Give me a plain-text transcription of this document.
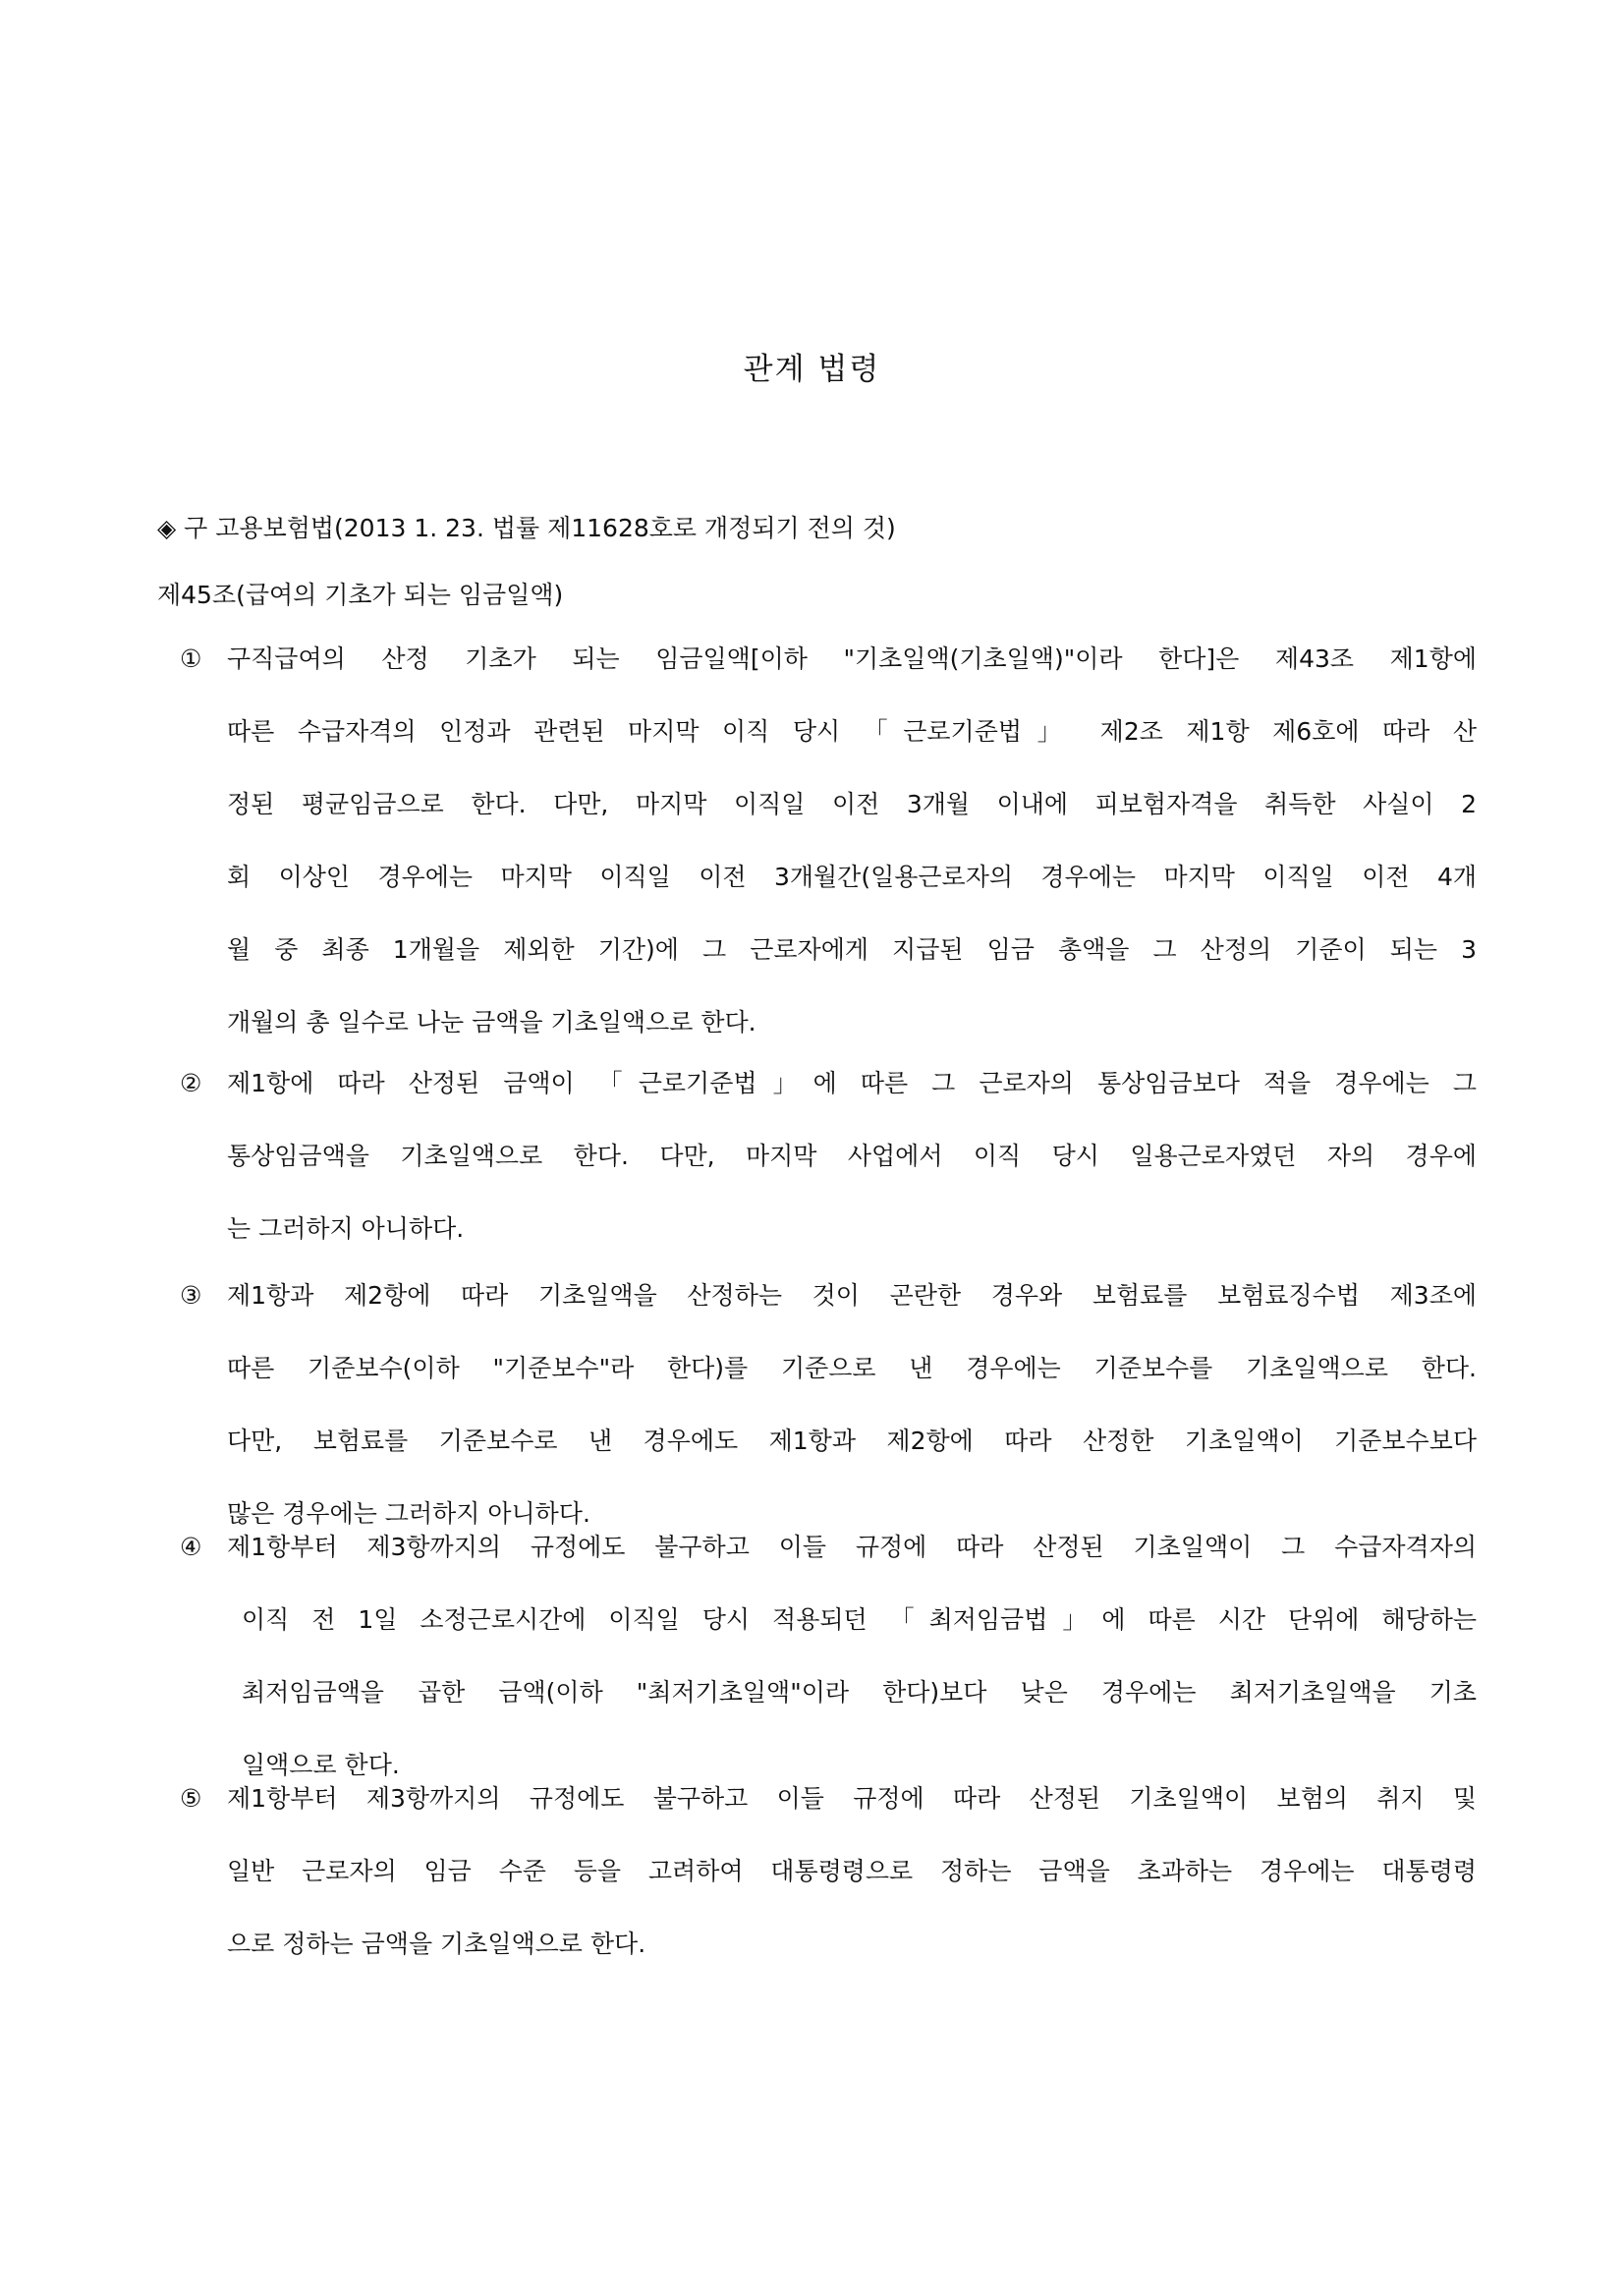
관계 법령
◈ 구 고용보험법(2013 1. 23. 법률 제11628호로 개정되기 전의 것)
제45조(급여의 기초가 되는 임금일액)
① 구직급여의 산정 기초가 되는 임금일액[이하 "기초일액(기초일액)"이라 한다]은 제43조 제1항에
따른 수급자격의 인정과 관련된 마지막 이직 당시 「근로기준법」 제2조 제1항 제6호에 따라 산
정된 평균임금으로 한다. 다만, 마지막 이직일 이전 3개월 이내에 피보험자격을 취득한 사실이 2
회 이상인 경우에는 마지막 이직일 이전 3개월간(일용근로자의 경우에는 마지막 이직일 이전 4개
월 중 최종 1개월을 제외한 기간)에 그 근로자에게 지급된 임금 총액을 그 산정의 기준이 되는 3
개월의 총 일수로 나눈 금액을 기초일액으로 한다.
② 제1항에 따라 산정된 금액이 「근로기준법」에 따른 그 근로자의 통상임금보다 적을 경우에는 그
통상임금액을 기초일액으로 한다. 다만, 마지막 사업에서 이직 당시 일용근로자였던 자의 경우에
는 그러하지 아니하다.
③ 제1항과 제2항에 따라 기초일액을 산정하는 것이 곤란한 경우와 보험료를 보험료징수법 제3조에
따른 기준보수(이하 "기준보수"라 한다)를 기준으로 낸 경우에는 기준보수를 기초일액으로 한다.
다만, 보험료를 기준보수로 낸 경우에도 제1항과 제2항에 따라 산정한 기초일액이 기준보수보다
많은 경우에는 그러하지 아니하다.
④ 제1항부터 제3항까지의 규정에도 불구하고 이들 규정에 따라 산정된 기초일액이 그 수급자격자의
이직 전 1일 소정근로시간에 이직일 당시 적용되던 「최저임금법」에 따른 시간 단위에 해당하는
최저임금액을 곱한 금액(이하 "최저기초일액"이라 한다)보다 낮은 경우에는 최저기초일액을 기초
일액으로 한다.
⑤ 제1항부터 제3항까지의 규정에도 불구하고 이들 규정에 따라 산정된 기초일액이 보험의 취지 및
일반 근로자의 임금 수준 등을 고려하여 대통령령으로 정하는 금액을 초과하는 경우에는 대통령령
으로 정하는 금액을 기초일액으로 한다.
